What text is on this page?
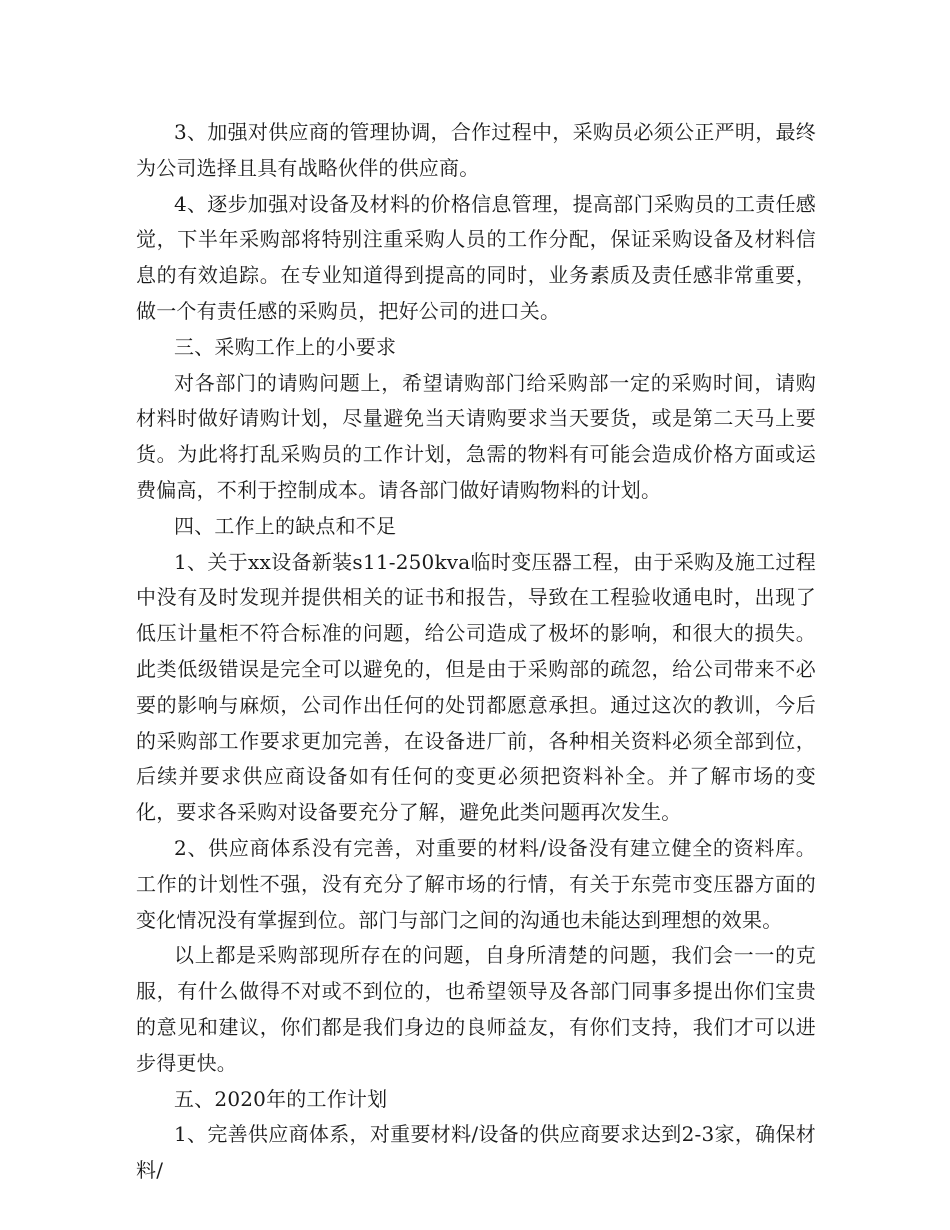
3、加强对供应商的管理协调，合作过程中，采购员必须公正严明，最终为公司选择且具有战略伙伴的供应商。

4、逐步加强对设备及材料的价格信息管理，提高部门采购员的工责任感觉，下半年采购部将特别注重采购人员的工作分配，保证采购设备及材料信息的有效追踪。在专业知道得到提高的同时，业务素质及责任感非常重要，做一个有责任感的采购员，把好公司的进口关。

三、采购工作上的小要求

对各部门的请购问题上，希望请购部门给采购部一定的采购时间，请购材料时做好请购计划，尽量避免当天请购要求当天要货，或是第二天马上要货。为此将打乱采购员的工作计划，急需的物料有可能会造成价格方面或运费偏高，不利于控制成本。请各部门做好请购物料的计划。

四、工作上的缺点和不足

1、关于xx设备新装s11-250kva临时变压器工程，由于采购及施工过程中没有及时发现并提供相关的证书和报告，导致在工程验收通电时，出现了低压计量柜不符合标准的问题，给公司造成了极坏的影响，和很大的损失。此类低级错误是完全可以避免的，但是由于采购部的疏忽，给公司带来不必要的影响与麻烦，公司作出任何的处罚都愿意承担。通过这次的教训，今后的采购部工作要求更加完善，在设备进厂前，各种相关资料必须全部到位，后续并要求供应商设备如有任何的变更必须把资料补全。并了解市场的变化，要求各采购对设备要充分了解，避免此类问题再次发生。

2、供应商体系没有完善，对重要的材料/设备没有建立健全的资料库。工作的计划性不强，没有充分了解市场的行情，有关于东莞市变压器方面的变化情况没有掌握到位。部门与部门之间的沟通也未能达到理想的效果。

以上都是采购部现所存在的问题，自身所清楚的问题，我们会一一的克服，有什么做得不对或不到位的，也希望领导及各部门同事多提出你们宝贵的意见和建议，你们都是我们身边的良师益友，有你们支持，我们才可以进步得更快。

五、2020年的工作计划

1、完善供应商体系，对重要材料/设备的供应商要求达到2-3家，确保材料/
